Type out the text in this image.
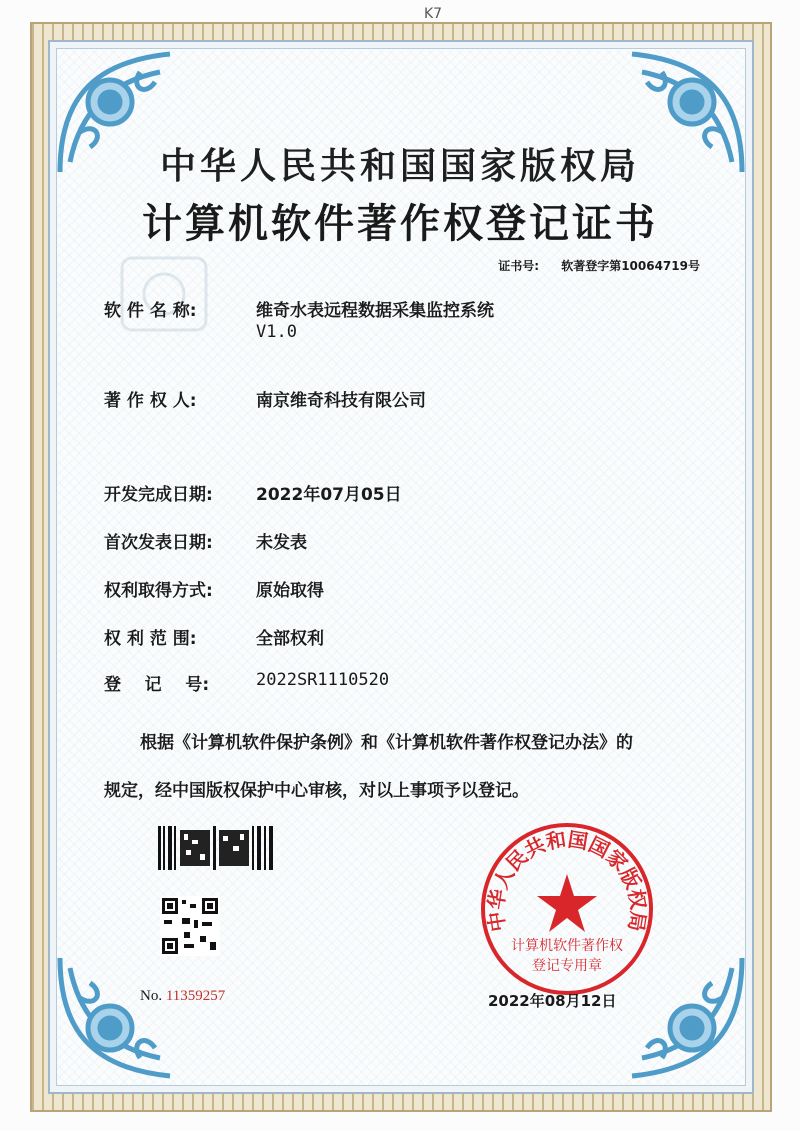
K7
中华人民共和国国家版权局
计算机软件著作权登记证书
证书号: 软著登字第10064719号
软 件 名 称:	维奇水表远程数据采集监控系统
V1.0
著 作 权 人:	南京维奇科技有限公司
开发完成日期:	2022年07月05日
首次发表日期:	未发表
权利取得方式:	原始取得
权 利 范 围:	全部权利
登    记    号:	2022SR1110520
根据《计算机软件保护条例》和《计算机软件著作权登记办法》的
规定，经中国版权保护中心审核，对以上事项予以登记。
No. 11359257
中华人民共和国国家版权局
计算机软件著作权
登记专用章
2022年08月12日
